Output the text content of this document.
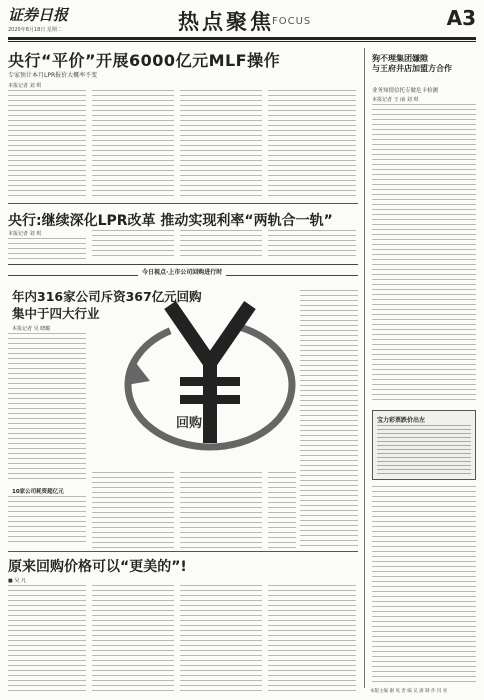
证券日报
2020年8月18日 星期二	热点聚焦
FOCUS	A3
央行“平价”开展6000亿元MLF操作
专家预计本月LPR报价大概率不变
本报记者 刘 琪
央行:继续深化LPR改革 推动实现利率“两轨合一轨”
本报记者 刘 琪
今日视点·上市公司回购进行时
年内316家公司斥资367亿元回购
集中于四大行业
本报记者 吴 晓璐
10家公司耗资超亿元
回购
原来回购价格可以“更美的”!
■ 吴 凡
狗不理集团嫌隙
与王府井店加盟方合作
业务知情信托专做危卡检测
本报记者 王 丽 刘 琪
宝力彩票跌价出左
本版主编 谢 岚 责 编 吴 澍 制 作 闫 亮
